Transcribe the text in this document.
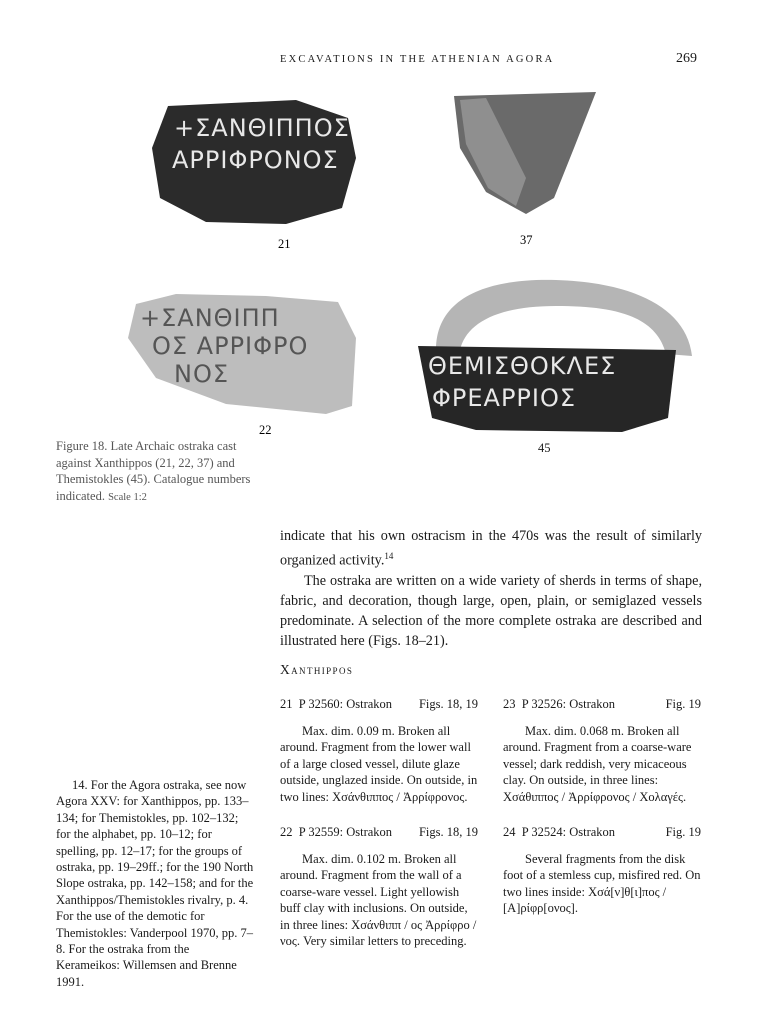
EXCAVATIONS IN THE ATHENIAN AGORA	269
+ΣΑΝΘΙΠΠΟΣ
ΑΡΡΙΦΡΟΝΟΣ
21	37
+ΣΑΝΘΙΠΠ
ΟΣ ΑΡΡΙΦΡΟ
ΝΟΣ
22
ΘΕΜΙΣΘΟΚΛΕΣ
ΦΡΕΑΡΡΙΟΣ
45
Figure 18. Late Archaic ostraka cast against Xanthippos (21, 22, 37) and Themistokles (45). Catalogue numbers indicated. Scale 1:2

indicate that his own ostracism in the 470s was the result of similarly organized activity.$^{14}$

The ostraka are written on a wide variety of sherds in terms of shape, fabric, and decoration, though large, open, plain, or semiglazed vessels predominate. A selection of the more complete ostraka are described and illustrated here (Figs. 18–21).

Xanthippos
21 P 32560: Ostrakon Figs. 18, 19

Max. dim. 0.09 m. Broken all around. Fragment from the lower wall of a large closed vessel, dilute glaze outside, unglazed inside. On outside, in two lines: Χσάνθιππος / Ἀρρίφρονος.

23 P 32526: Ostrakon	Fig. 19

Max. dim. 0.068 m. Broken all around. Fragment from a coarse-ware vessel; dark reddish, very micaceous clay. On outside, in three lines: Χσάθιππος / Ἀρρίφρονος / Χολαγές.

22 P 32559: Ostrakon Figs. 18, 19

Max. dim. 0.102 m. Broken all around. Fragment from the wall of a coarse-ware vessel. Light yellowish buff clay with inclusions. On outside, in three lines: Χσάνθιππ / ος Ἀρρίφρο / νος. Very similar letters to preceding.

24 P 32524: Ostrakon	Fig. 19

Several fragments from the disk foot of a stemless cup, misfired red. On two lines inside: Χσά[ν]θ[ι]πος / [Α]ρίφρ[ονος].

14. For the Agora ostraka, see now Agora XXV: for Xanthippos, pp. 133–134; for Themistokles, pp. 102–132; for the alphabet, pp. 10–12; for spelling, pp. 12–17; for the groups of ostraka, pp. 19–29ff.; for the 190 North Slope ostraka, pp. 142–158; and for the Xanthippos/Themistokles rivalry, p. 4. For the use of the demotic for Themistokles: Vanderpool 1970, pp. 7–8. For the ostraka from the Kerameikos: Willemsen and Brenne 1991.
